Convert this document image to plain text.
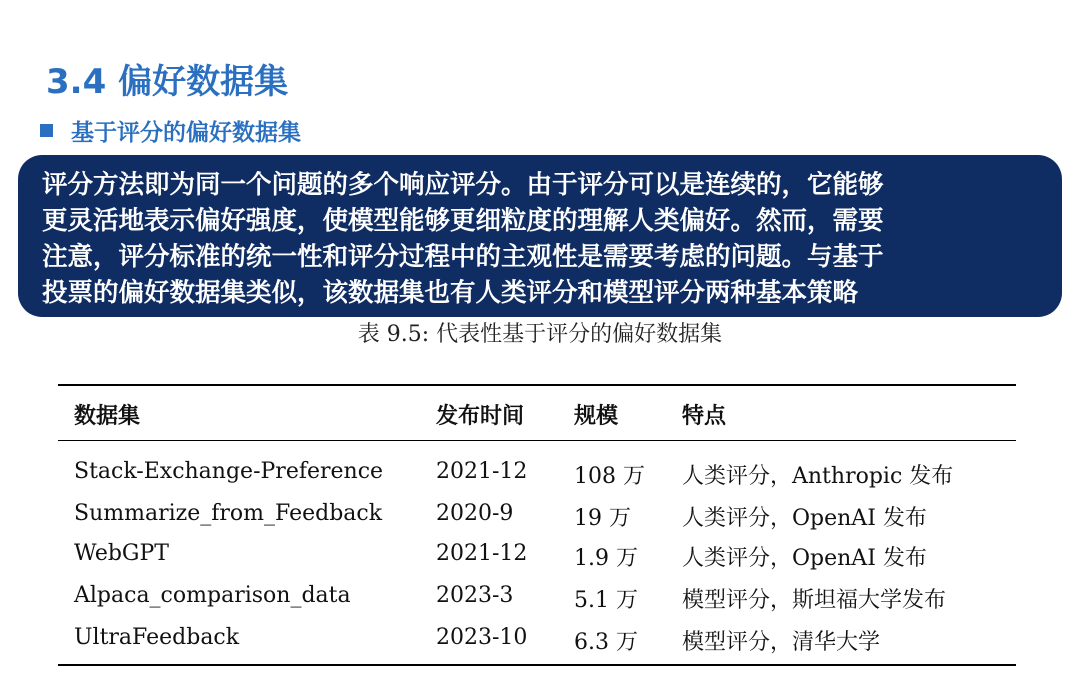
3.4 偏好数据集
基于评分的偏好数据集
评分方法即为同一个问题的多个响应评分。由于评分可以是连续的，它能够
更灵活地表示偏好强度，使模型能够更细粒度的理解人类偏好。然而，需要
注意，评分标准的统一性和评分过程中的主观性是需要考虑的问题。与基于
投票的偏好数据集类似，该数据集也有人类评分和模型评分两种基本策略
表 9.5: 代表性基于评分的偏好数据集
数据集	发布时间 规模	特点
Stack-Exchange-Preference 2021-12 108 万 人类评分，Anthropic 发布
Summarize_from_Feedback 2020-9	19 万 人类评分，OpenAI 发布
WebGPT	2021-12 1.9 万 人类评分，OpenAI 发布
Alpaca_comparison_data	2023-3	5.1 万 模型评分，斯坦福大学发布
UltraFeedback	2023-10 6.3 万 模型评分，清华大学
